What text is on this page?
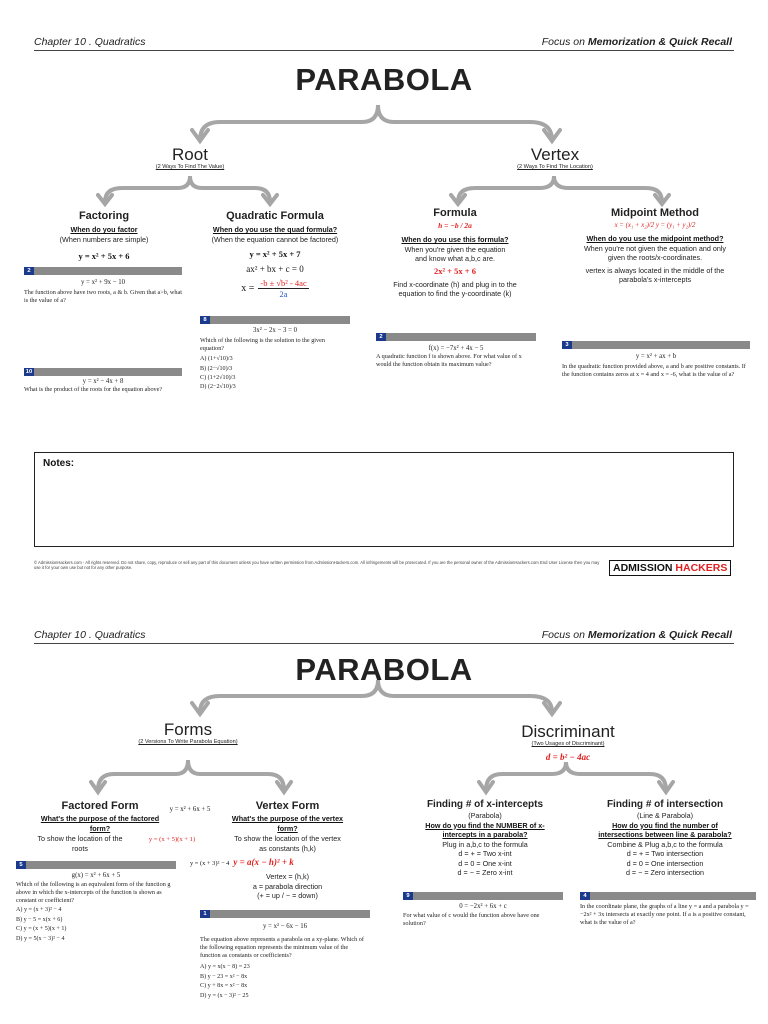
Chapter 10 . Quadratics	Focus on Memorization & Quick Recall
PARABOLA
Root
(2 Ways To Find The Value)
Factoring
When do you factor
(When numbers are simple)
y = x² + 5x + 6
2
y = x² + 9x − 10
The function above have two roots, a & b. Given that a>b, what is the value of a?
10
y = x² − 4x + 8
What is the product of the roots for the equation above?
Quadratic Formula
When do you use the quad formula?
(When the equation cannot be factored)
y = x² + 5x + 7
ax² + bx + c = 0
$x = \frac{\text{-b ± √b² - 4ac}}{2a}$
8
3x² − 2x − 3 = 0
Which of the following is the solution to the given equation?
A) (1+√10)/3
B) (2−√10)/3
C) (1+2√10)/3
D) (2−2√10)/3
Vertex
(2 Ways To Find The Location)
Formula
h = −b / 2a
When do you use this formula?
When you're given the equation
and know what a,b,c are.
2x² + 5x + 6
Find x-coordinate (h) and plug in to the equation to find the y-coordinate (k)
2
f(x) = −7x² + 4x − 5
A quadratic function f is shown above. For what value of x would the function obtain its maximum value?
Midpoint Method
x = (x₁ + x₂)/2 y = (y₁ + y₂)/2
When do you use the midpoint method?
When you're not given the equation and only given the roots/x-coordinates.
vertex is always located in the middle of the parabola's x-intercepts
3
y = x² + ax + b
In the quadratic function provided above, a and b are positive constants. If the function contains zeros at x = 4 and x = -6, what is the value of a?
Notes:
© AdmissionHackers.com - All rights reserved. Do not share, copy, reproduce or sell any part of this document unless you have written permission from AdmissionHackers.com. All infringements will be prosecuted. If you are the personal owner of the AdmissionHackers.com End User License then you may use it for your own use but not for any other purpose.	ADMISSION HACKERS
Chapter 10 . Quadratics	Focus on Memorization & Quick Recall
PARABOLA
Forms
(2 Versions To Write Parabola Equation)
Factored Form
What's the purpose of the factored form?
To show the location of the roots
y = x² + 6x + 5
y = (x + 5)(x + 1)
5
g(x) = x² + 6x + 5
Which of the following is an equivalent form of the function g above in which the x-intercepts of the function is shown as constant or coefficient?
A) y = (x + 3)² − 4
B) y − 5 = x(x + 6)
C) y = (x + 5)(x + 1)
D) y = 5(x − 3)² − 4
Vertex Form
What's the purpose of the vertex form?
To show the location of the vertex as constants (h,k)
y = (x + 3)² − 4 y = a(x − h)² + k
Vertex = (h,k)
a = parabola direction
(+ = up / − = down)
1
y = x² − 6x − 16
The equation above represents a parabola on a xy-plane. Which of the following equation represents the minimum value of the function as constants or coefficients?
A) y = x(x − 8) = 23
B) y − 23 = x² − 8x
C) y + 8x = x² − 8x
D) y = (x − 3)² − 25
Discriminant
(Two Usages of Discriminant)
d = b² − 4ac
Finding # of x-intercepts
(Parabola)
How do you find the NUMBER of x-intercepts in a parabola?
Plug in a,b,c to the formula
d = + = Two x-int
d = 0 = One x-int
d = − = Zero x-int
9
0 = −2x² + 6x + c
For what value of c would the function above have one solution?
Finding # of intersection
(Line & Parabola)
How do you find the number of intersections between line & parabola?
Combine & Plug a,b,c to the formula
d = + = Two intersection
d = 0 = One intersection
d = − = Zero intersection
4
In the coordinate plane, the graphs of a line y = a and a parabola y = −2x² + 3x intersects at exactly one point. If a is a positive constant, what is the value of a?
